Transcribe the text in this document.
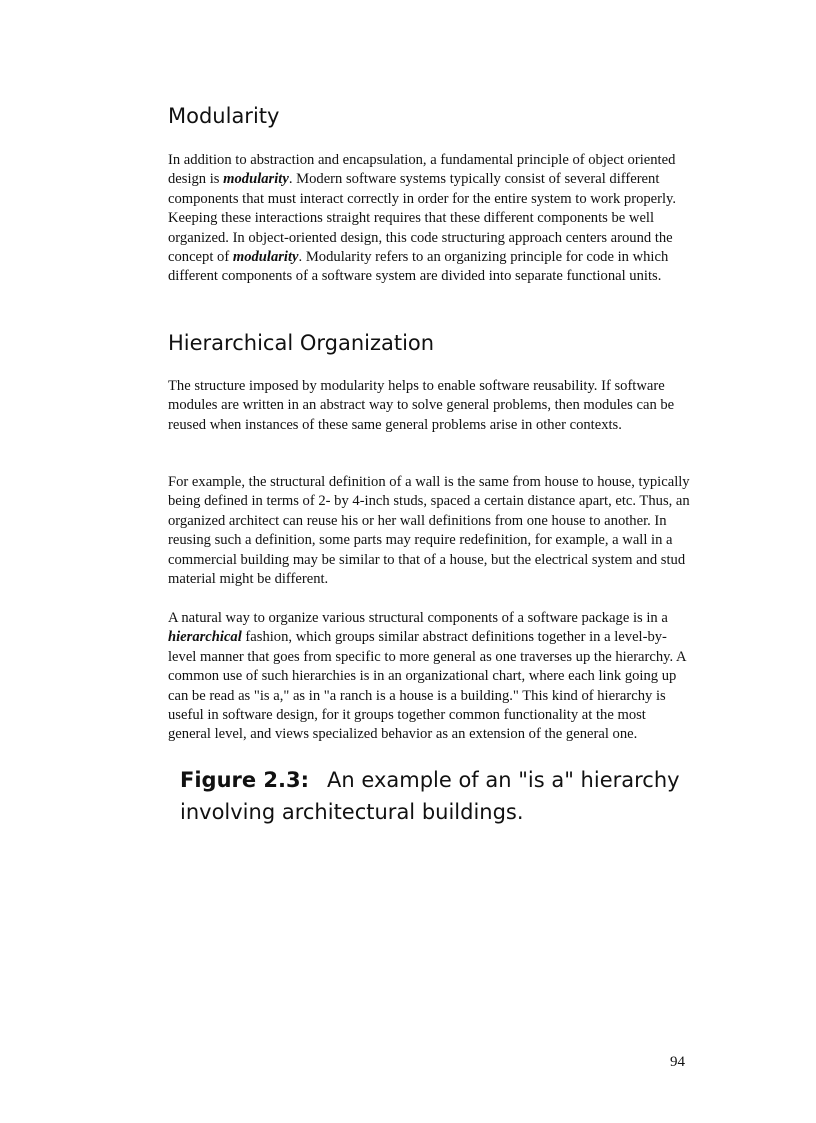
Modularity

In addition to abstraction and encapsulation, a fundamental principle of object oriented design is modularity. Modern software systems typically consist of several different components that must interact correctly in order for the entire system to work properly. Keeping these interactions straight requires that these different components be well organized. In object-oriented design, this code structuring approach centers around the concept of modularity. Modularity refers to an organizing principle for code in which different components of a software system are divided into separate functional units.

Hierarchical Organization

The structure imposed by modularity helps to enable software reusability. If software modules are written in an abstract way to solve general problems, then modules can be reused when instances of these same general problems arise in other contexts.

For example, the structural definition of a wall is the same from house to house, typically being defined in terms of 2- by 4-inch studs, spaced a certain distance apart, etc. Thus, an organized architect can reuse his or her wall definitions from one house to another. In reusing such a definition, some parts may require redefinition, for example, a wall in a commercial building may be similar to that of a house, but the electrical system and stud material might be different.

A natural way to organize various structural components of a software package is in a hierarchical fashion, which groups similar abstract definitions together in a level-by-level manner that goes from specific to more general as one traverses up the hierarchy. A common use of such hierarchies is in an organizational chart, where each link going up can be read as "is a," as in "a ranch is a house is a building." This kind of hierarchy is useful in software design, for it groups together common functionality at the most general level, and views specialized behavior as an extension of the general one.

Figure 2.3: An example of an "is a" hierarchy involving architectural buildings.

94
